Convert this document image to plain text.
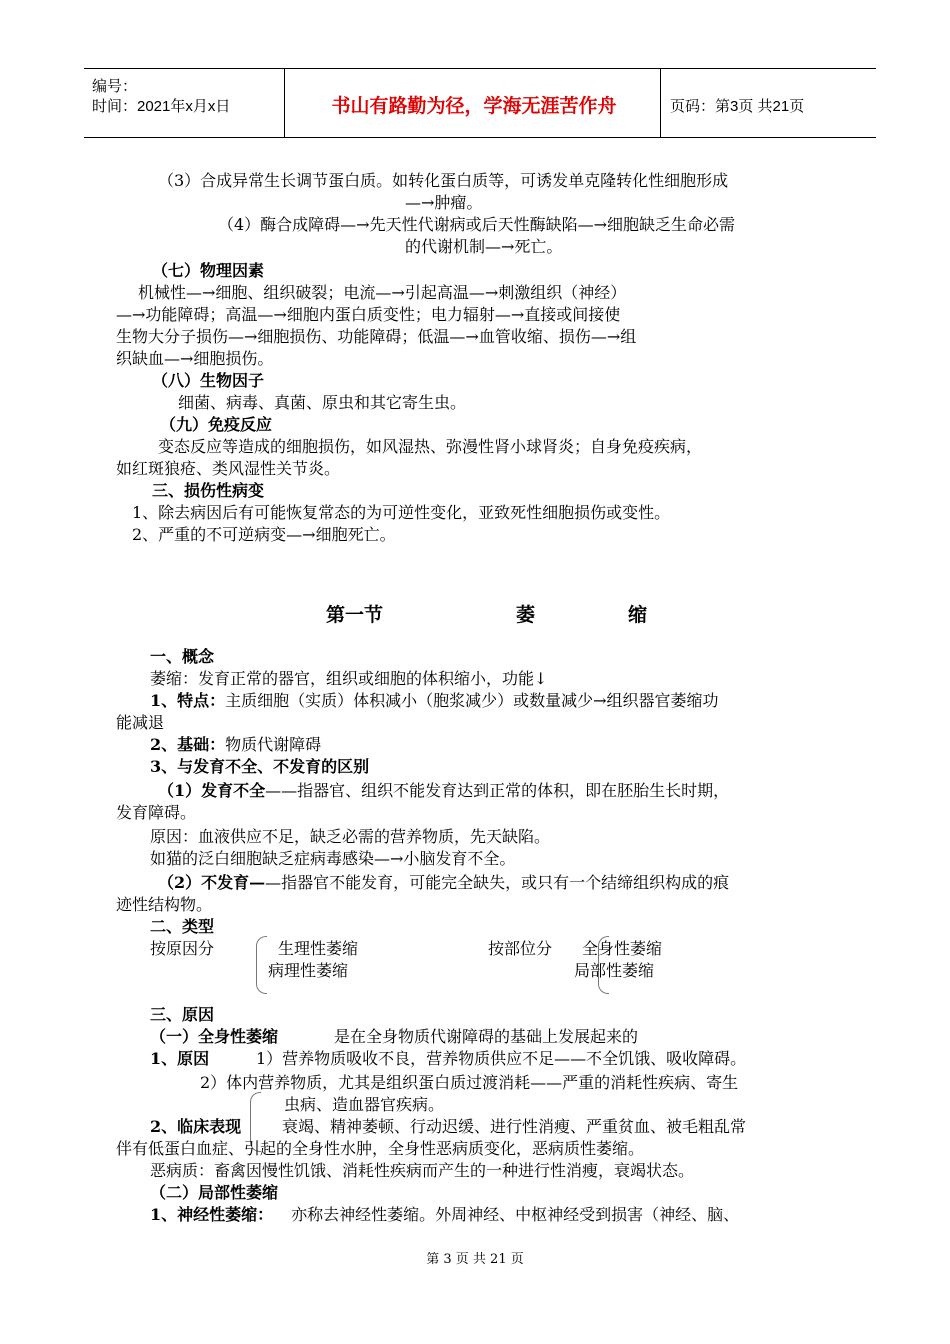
编号：
时间：2021年x月x日	书山有路勤为径，学海无涯苦作舟	页码：第3页 共21页
（3）合成异常生长调节蛋白质。如转化蛋白质等，可诱发单克隆转化性细胞形成
—→肿瘤。
（4）酶合成障碍—→先天性代谢病或后天性酶缺陷—→细胞缺乏生命必需
的代谢机制—→死亡。
（七）物理因素
机械性—→细胞、组织破裂；电流—→引起高温—→刺激组织（神经）
—→功能障碍；高温—→细胞内蛋白质变性；电力辐射—→直接或间接使
生物大分子损伤—→细胞损伤、功能障碍；低温—→血管收缩、损伤—→组
织缺血—→细胞损伤。
（八）生物因子
细菌、病毒、真菌、原虫和其它寄生虫。
（九）免疫反应
变态反应等造成的细胞损伤，如风湿热、弥漫性肾小球肾炎；自身免疫疾病，
如红斑狼疮、类风湿性关节炎。
三、损伤性病变
1、除去病因后有可能恢复常态的为可逆性变化，亚致死性细胞损伤或变性。
2、严重的不可逆病变—→细胞死亡。
第一节	萎	缩
一、概念
萎缩：发育正常的器官，组织或细胞的体积缩小，功能↓
1、特点：主质细胞（实质）体积减小（胞浆减少）或数量减少→组织器官萎缩功
能减退
2、基础：物质代谢障碍
3、与发育不全、不发育的区别
（1）发育不全——指器官、组织不能发育达到正常的体积，即在胚胎生长时期，
发育障碍。
原因：血液供应不足，缺乏必需的营养物质，先天缺陷。
如猫的泛白细胞缺乏症病毒感染—→小脑发育不全。
（2）不发育——指器官不能发育，可能完全缺失，或只有一个结缔组织构成的痕
迹性结构物。
二、类型
按原因分	生理性萎缩
病理性萎缩
按部位分 全身性萎缩
局部性萎缩
三、原因
（一）全身性萎缩	是在全身物质代谢障碍的基础上发展起来的
1、原因	1）营养物质吸收不良，营养物质供应不足——不全饥饿、吸收障碍。
2）体内营养物质，尤其是组织蛋白质过渡消耗——严重的消耗性疾病、寄生
虫病、造血器官疾病。
2、临床表现	衰竭、精神萎顿、行动迟缓、进行性消瘦、严重贫血、被毛粗乱常
伴有低蛋白血症、引起的全身性水肿，全身性恶病质变化，恶病质性萎缩。
恶病质：畜禽因慢性饥饿、消耗性疾病而产生的一种进行性消瘦，衰竭状态。
（二）局部性萎缩
1、神经性萎缩： 亦称去神经性萎缩。外周神经、中枢神经受到损害（神经、脑、
第 3 页 共 21 页
